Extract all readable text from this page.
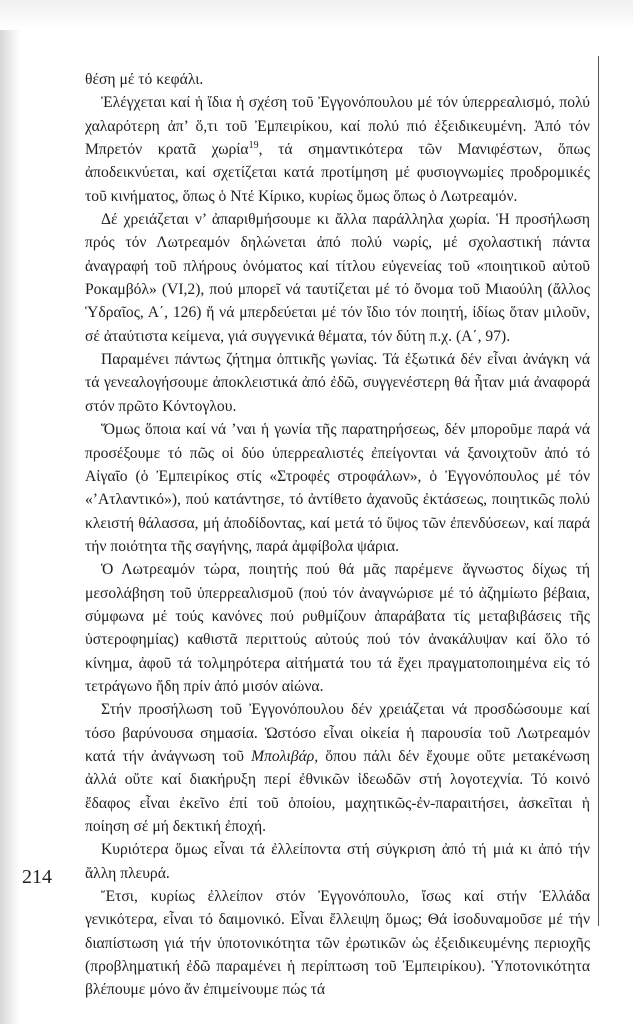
θέση μέ τό κεφάλι.

Ἐλέγχεται καί ἡ ἴδια ἡ σχέση τοῦ Ἐγγονόπουλου μέ τόν ὑπερρεαλισμό, πολύ χαλαρότερη ἀπ’ ὅ,τι τοῦ Ἐμπειρίκου, καί πολύ πιό ἐξειδικευμένη. Ἀπό τόν Μπρετόν κρατᾶ χωρία$^{19}$, τά σημαντικότερα τῶν Μανιφέστων, ὅπως ἀποδεικνύεται, καί σχετίζεται κατά προτίμηση μέ φυσιογνωμίες προδρομικές τοῦ κινήματος, ὅπως ὁ Ντέ Κίρικο, κυρίως ὅμως ὅπως ὁ Λωτρεαμόν.

Δέ χρειάζεται ν’ ἀπαριθμήσουμε κι ἄλλα παράλληλα χωρία. Ἡ προσήλωση πρός τόν Λωτρεαμόν δηλώνεται ἀπό πολύ νωρίς, μέ σχολαστική πάντα ἀναγραφή τοῦ πλήρους ὀνόματος καί τίτλου εὐγενείας τοῦ «ποιητικοῦ αὐτοῦ Ροκαμβόλ» (VI,2), πού μπορεῖ νά ταυτίζεται μέ τό ὄνομα τοῦ Μιαούλη (ἄλλος Ὑδραῖος, Α΄, 126) ἤ νά μπερδεύεται μέ τόν ἴδιο τόν ποιητή, ἰδίως ὅταν μιλοῦν, σέ ἀταύτιστα κείμενα, γιά συγγενικά θέματα, τόν δύτη π.χ. (Α΄, 97).

Παραμένει πάντως ζήτημα ὀπτικῆς γωνίας. Τά ἐξωτικά δέν εἶναι ἀνάγκη νά τά γενεαλογήσουμε ἀποκλειστικά ἀπό ἐδῶ, συγγενέστερη θά ἦταν μιά ἀναφορά στόν πρῶτο Κόντογλου.

Ὅμως ὅποια καί νά ’ναι ἡ γωνία τῆς παρατηρήσεως, δέν μποροῦμε παρά νά προσέξουμε τό πῶς οἱ δύο ὑπερρεαλιστές ἐπείγονται νά ξανοιχτοῦν ἀπό τό Αἰγαῖο (ὁ Ἐμπειρίκος στίς «Στροφές στροφάλων», ὁ Ἐγγονόπουλος μέ τόν «’Ατλαντικό»), πού κατάντησε, τό ἀντίθετο ἀχανοῦς ἐκτάσεως, ποιητικῶς πολύ κλειστή θάλασσα, μή ἀποδίδοντας, καί μετά τό ὕψος τῶν ἐπενδύσεων, καί παρά τήν ποιότητα τῆς σαγήνης, παρά ἀμφίβολα ψάρια.

Ὁ Λωτρεαμόν τώρα, ποιητής πού θά μᾶς παρέμενε ἄγνωστος δίχως τή μεσολάβηση τοῦ ὑπερρεαλισμοῦ (πού τόν ἀναγνώρισε μέ τό ἀζημίωτο βέβαια, σύμφωνα μέ τούς κανόνες πού ρυθμίζουν ἀπαράβατα τίς μεταβιβάσεις τῆς ὑστεροφημίας) καθιστᾶ περιττούς αὐτούς πού τόν ἀνακάλυψαν καί ὅλο τό κίνημα, ἀφοῦ τά τολμηρότερα αἰτήματά του τά ἔχει πραγματοποιημένα εἰς τό τετράγωνο ἤδη πρίν ἀπό μισόν αἰώνα.

Στήν προσήλωση τοῦ Ἐγγονόπουλου δέν χρειάζεται νά προσδώσουμε καί τόσο βαρύνουσα σημασία. Ὡστόσο εἶναι οἰκεία ἡ παρουσία τοῦ Λωτρεαμόν κατά τήν ἀνάγνωση τοῦ Μπολιβάρ, ὅπου πάλι δέν ἔχουμε οὔτε μετακένωση ἀλλά οὔτε καί διακήρυξη περί ἐθνικῶν ἰδεωδῶν στή λογοτεχνία. Τό κοινό ἔδαφος εἶναι ἐκεῖνο ἐπί τοῦ ὁποίου, μαχητικῶς-ἐν-παραιτήσει, ἀσκεῖται ἡ ποίηση σέ μή δεκτική ἐποχή.

Κυριότερα ὅμως εἶναι τά ἐλλείποντα στή σύγκριση ἀπό τή μιά κι ἀπό τήν ἄλλη πλευρά.

Ἔτσι, κυρίως ἐλλείπον στόν Ἐγγονόπουλο, ἴσως καί στήν Ἑλλάδα γενικότερα, εἶναι τό δαιμονικό. Εἶναι ἔλλειψη ὅμως; Θά ἰσοδυναμοῦσε μέ τήν διαπίστωση γιά τήν ὑποτονικότητα τῶν ἐρωτικῶν ὡς ἐξειδικευμένης περιοχῆς (προβληματική ἐδῶ παραμένει ἡ περίπτωση τοῦ Ἐμπειρίκου). Ὑποτονικότητα βλέπουμε μόνο ἄν ἐπιμείνουμε πώς τά

214
